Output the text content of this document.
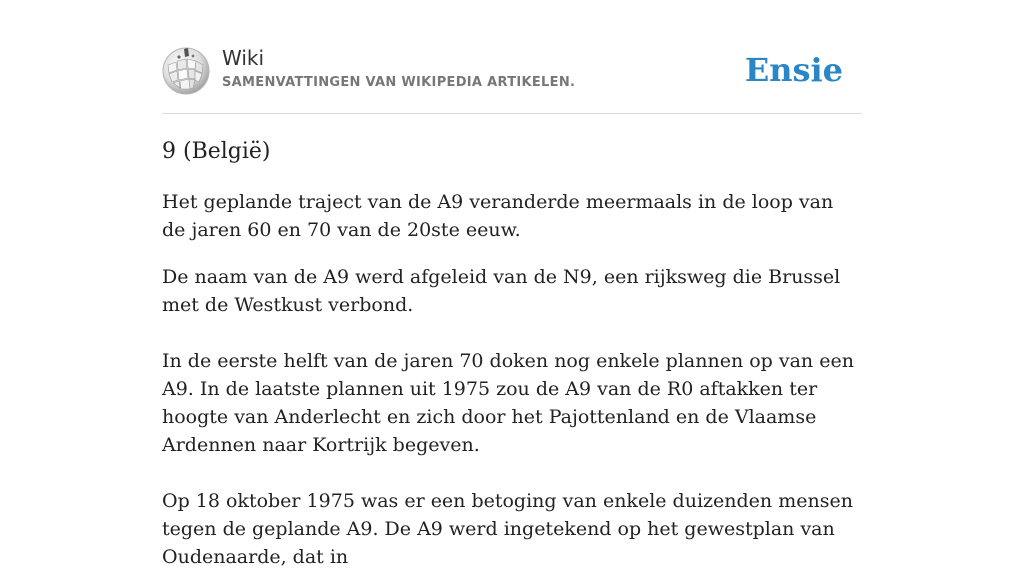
Wiki
SAMENVATTINGEN VAN WIKIPEDIA ARTIKELEN.	Ensie
9 (België)

Het geplande traject van de A9 veranderde meermaals in de loop van de jaren 60 en 70 van de 20ste eeuw.

De naam van de A9 werd afgeleid van de N9, een rijksweg die Brussel met de Westkust verbond.

In de eerste helft van de jaren 70 doken nog enkele plannen op van een A9. In de laatste plannen uit 1975 zou de A9 van de R0 aftakken ter hoogte van Anderlecht en zich door het Pajottenland en de Vlaamse Ardennen naar Kortrijk begeven.

Op 18 oktober 1975 was er een betoging van enkele duizenden mensen tegen de geplande A9. De A9 werd ingetekend op het gewestplan van Oudenaarde, dat in
